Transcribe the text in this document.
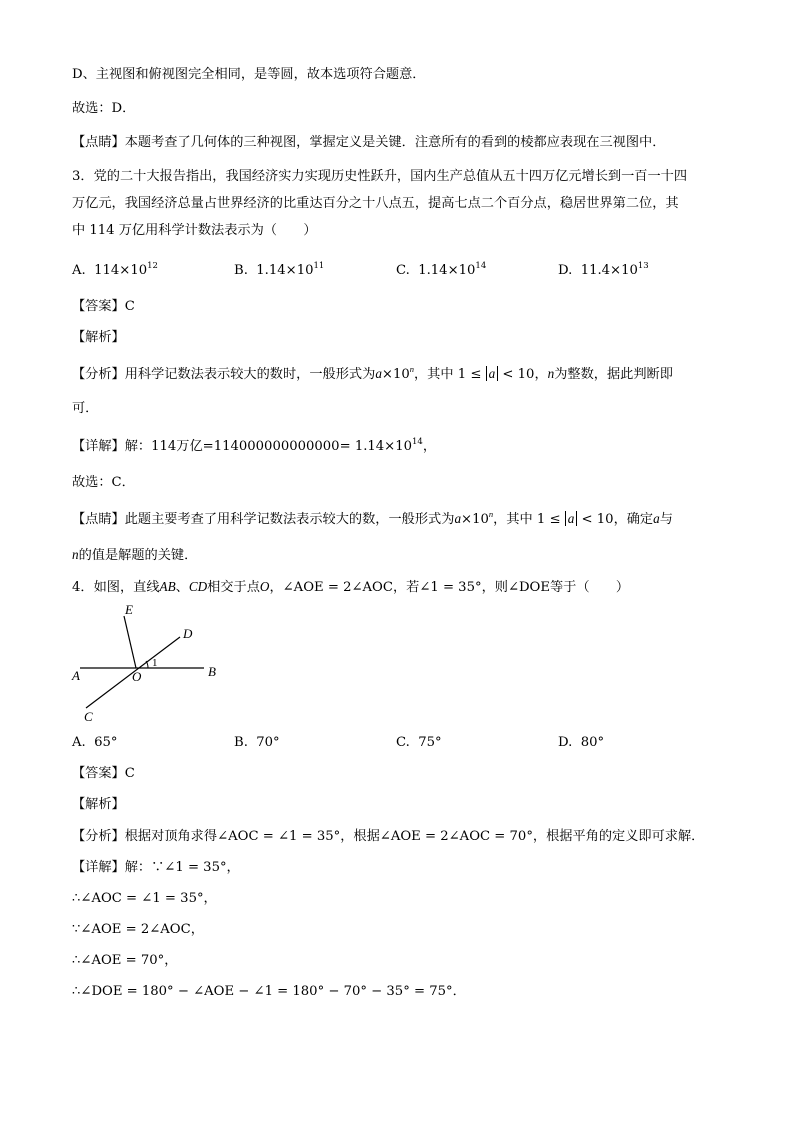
D、主视图和俯视图完全相同，是等圆，故本选项符合题意．
故选：D．
【点睛】本题考查了几何体的三种视图，掌握定义是关键．注意所有的看到的棱都应表现在三视图中．
3．党的二十大报告指出，我国经济实力实现历史性跃升，国内生产总值从五十四万亿元增长到一百一十四
万亿元，我国经济总量占世界经济的比重达百分之十八点五，提高七点二个百分点，稳居世界第二位，其
中 114 万亿用科学计数法表示为（　　）
A. $114\times 10^{12}$	B. $1.14\times 10^{11}$	C. $1.14\times 10^{14}$	D. $11.4\times 10^{13}$
【答案】C
【解析】
【分析】用科学记数法表示较大的数时，一般形式为$a\times 10^n$，其中 1 ≤ a < 10，n为整数，据此判断即
可．
【详解】解：114万亿$=114000000000000= 1.14\times 10^{14}$，
故选：C．
【点睛】此题主要考查了用科学记数法表示较大的数，一般形式为$a\times 10^n$，其中 1 ≤ a < 10，确定a与
n的值是解题的关键．
4．如图，直线AB、CD相交于点O，∠AOE = 2∠AOC，若∠1 = 35°，则∠DOE等于（　　）
E
D
A	O	B
C
1
A. 65°	B. 70°	C. 75°	D. 80°
【答案】C
【解析】
【分析】根据对顶角求得∠AOC = ∠1 = 35°，根据∠AOE = 2∠AOC = 70°，根据平角的定义即可求解．
【详解】解：∵∠1 = 35°，
∴∠AOC = ∠1 = 35°，
∵∠AOE = 2∠AOC，
∴∠AOE = 70°，
∴∠DOE = 180° − ∠AOE − ∠1 = 180° − 70° − 35° = 75°．
